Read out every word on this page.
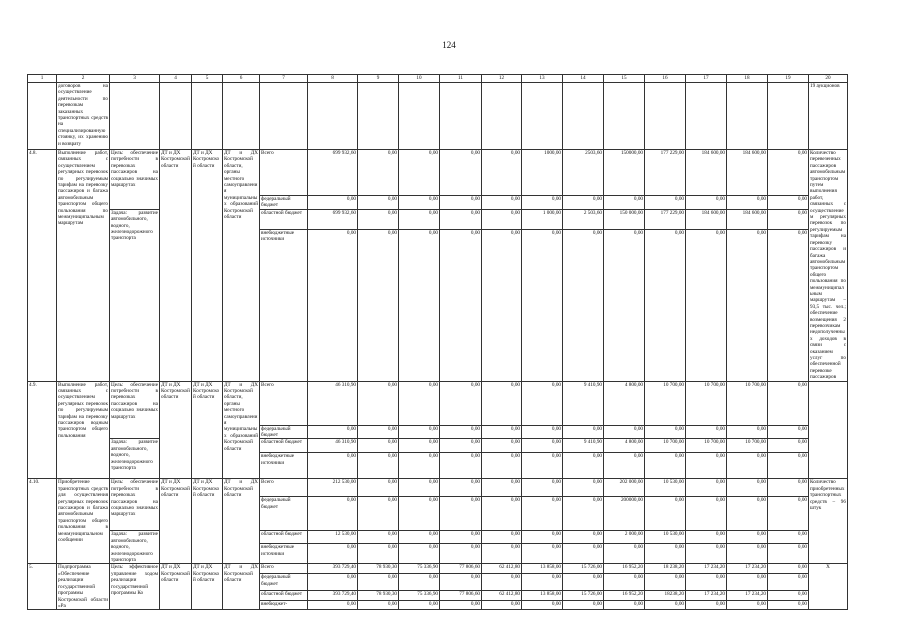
124
1	2	3	4	5	6	7	8	9	10	11	12	13	14	15	16	17	18	19	20
	договоров на осуществление деятельности по перевозкам заказанных транспортных средств на специализированную стоянку, их хранению и возврату																		19 аукционов
4.8.	Выполнение работ, связанных с осуществлением регулярных перевозок по регулируемым тарифам на перевозку пассажиров и багажа автомобильным транспортом общего пользования по межмуниципальным маршрутам	Цель: обеспечение потребности в перевозках пассажиров на социально значимых маршрутах	ДТ и ДХ Костромской области	ДТ и ДХ Костромской области	ДТ и ДХ Костромской области, органы местного самоуправления муниципальных образований Костромской области	Всего	699 932,60	0,00	0,00	0,00	0,00	1000,00	2503,60	150000,00	177 229,00	184 600,00	184 600,00	0,00	Количество перевезенных пассажиров автомобильным транспортом путем выполнения работ, связанных с осуществлением регулярных перевозок по регулируемым тарифам на перевозку пассажиров и багажа автомобильным транспортом общего пользования по межмуниципальным маршрутам – 93,5 тыс. чел.; обеспечение возмещения 2 перевозчикам недополученных доходов в связи с оказанием услуг по обеспеченной перевозке пассажиров
						федеральный бюджет	0,00	0,00	0,00	0,00	0,00	0,00	0,00	0,00	0,00	0,00	0,00	0,00	
		Задача: развитие автомобильного, водного, железнодорожного транспорта				областной бюджет	699 932,60	0,00	0,00	0,00	0,00	1 000,00	2 503,60	150 000,00	177 229,00	184 600,00	184 600,00	0,00	
						внебюджетные источники	0,00	0,00	0,00	0,00	0,00	0,00	0,00	0,00	0,00	0,00	0,00	0,00	
4.9.	Выполнение работ, связанных с осуществлением регулярных перевозок по регулируемым тарифам на перевозку пассажиров водным транспортом общего пользования	Цель: обеспечение потребности в перевозках пассажиров на социально значимых маршрутах	ДТ и ДХ Костромской области	ДТ и ДХ Костромской области	ДТ и ДХ Костромской области, органы местного самоуправления муниципальных образований Костромской области	Всего	46 310,90	0,00	0,00	0,00	0,00	0,00	9 410,90	4 800,00	10 700,00	10 700,00	10 700,00	0,00	
						федеральный бюджет	0,00	0,00	0,00	0,00	0,00	0,00	0,00	0,00	0,00	0,00	0,00	0,00	
		Задача: развитие автомобильного, водного, железнодорожного транспорта				областной бюджет	46 310,90	0,00	0,00	0,00	0,00	0,00	9 410,90	4 800,00	10 700,00	10 700,00	10 700,00	0,00	
						внебюджетные источники	0,00	0,00	0,00	0,00	0,00	0,00	0,00	0,00	0,00	0,00	0,00	0,00	
4.10.	Приобретение транспортных средств для осуществления регулярных перевозок пассажиров и багажа автомобильным транспортом общего пользования в межмуниципальном сообщении	Цель: обеспечение потребности в перевозках пассажиров на социально значимых маршрутах	ДТ и ДХ Костромской области	ДТ и ДХ Костромской области	ДТ и ДХ Костромской области	Всего	212 530,00	0,00	0,00	0,00	0,00	0,00	0,00	202 000,00	10 530,00	0,00	0,00	0,00	Количество приобретенных транспортных средств – 96 штук
						федеральный бюджет	0,00	0,00	0,00	0,00	0,00	0,00	0,00	200000,00	0,00	0,00	0,00	0,00	
		Задача: развитие автомобильного, водного, железнодорожного транспорта				областной бюджет	12 530,00	0,00	0,00	0,00	0,00	0,00	0,00	2 000,00	10 530,00	0,00	0,00	0,00	
						внебюджетные источники	0,00	0,00	0,00	0,00	0,00	0,00	0,00	0,00	0,00	0,00	0,00	0,00	
5.	Подпрограмма «Обеспечение реализации государственной программы Костромской области «Ра	Цель: эффективное управление ходом реализации государственной программы Ко	ДТ и ДХ Костромской области	ДТ и ДХ Костромской области	ДТ и ДХ Костромской области	Всего	393 729,40	78 930,30	75 336,90	77 806,60	62 412,80	13 858,00	15 726,00	16 952,20	18 238,20	17 234,20	17 234,20	0,00	Х
						федеральный бюджет	0,00	0,00	0,00	0,00	0,00	0,00	0,00	0,00	0,00	0,00	0,00	0,00	
						областной бюджет	393 729,40	78 930,30	75 336,90	77 806,60	62 412,80	13 858,00	15 726,00	16 952,20	18238,20	17 234,20	17 234,20	0,00	
						внебюджет-	0,00	0,00	0,00	0,00	0,00	0,00	0,00	0,00	0,00	0,00	0,00	0,00	
